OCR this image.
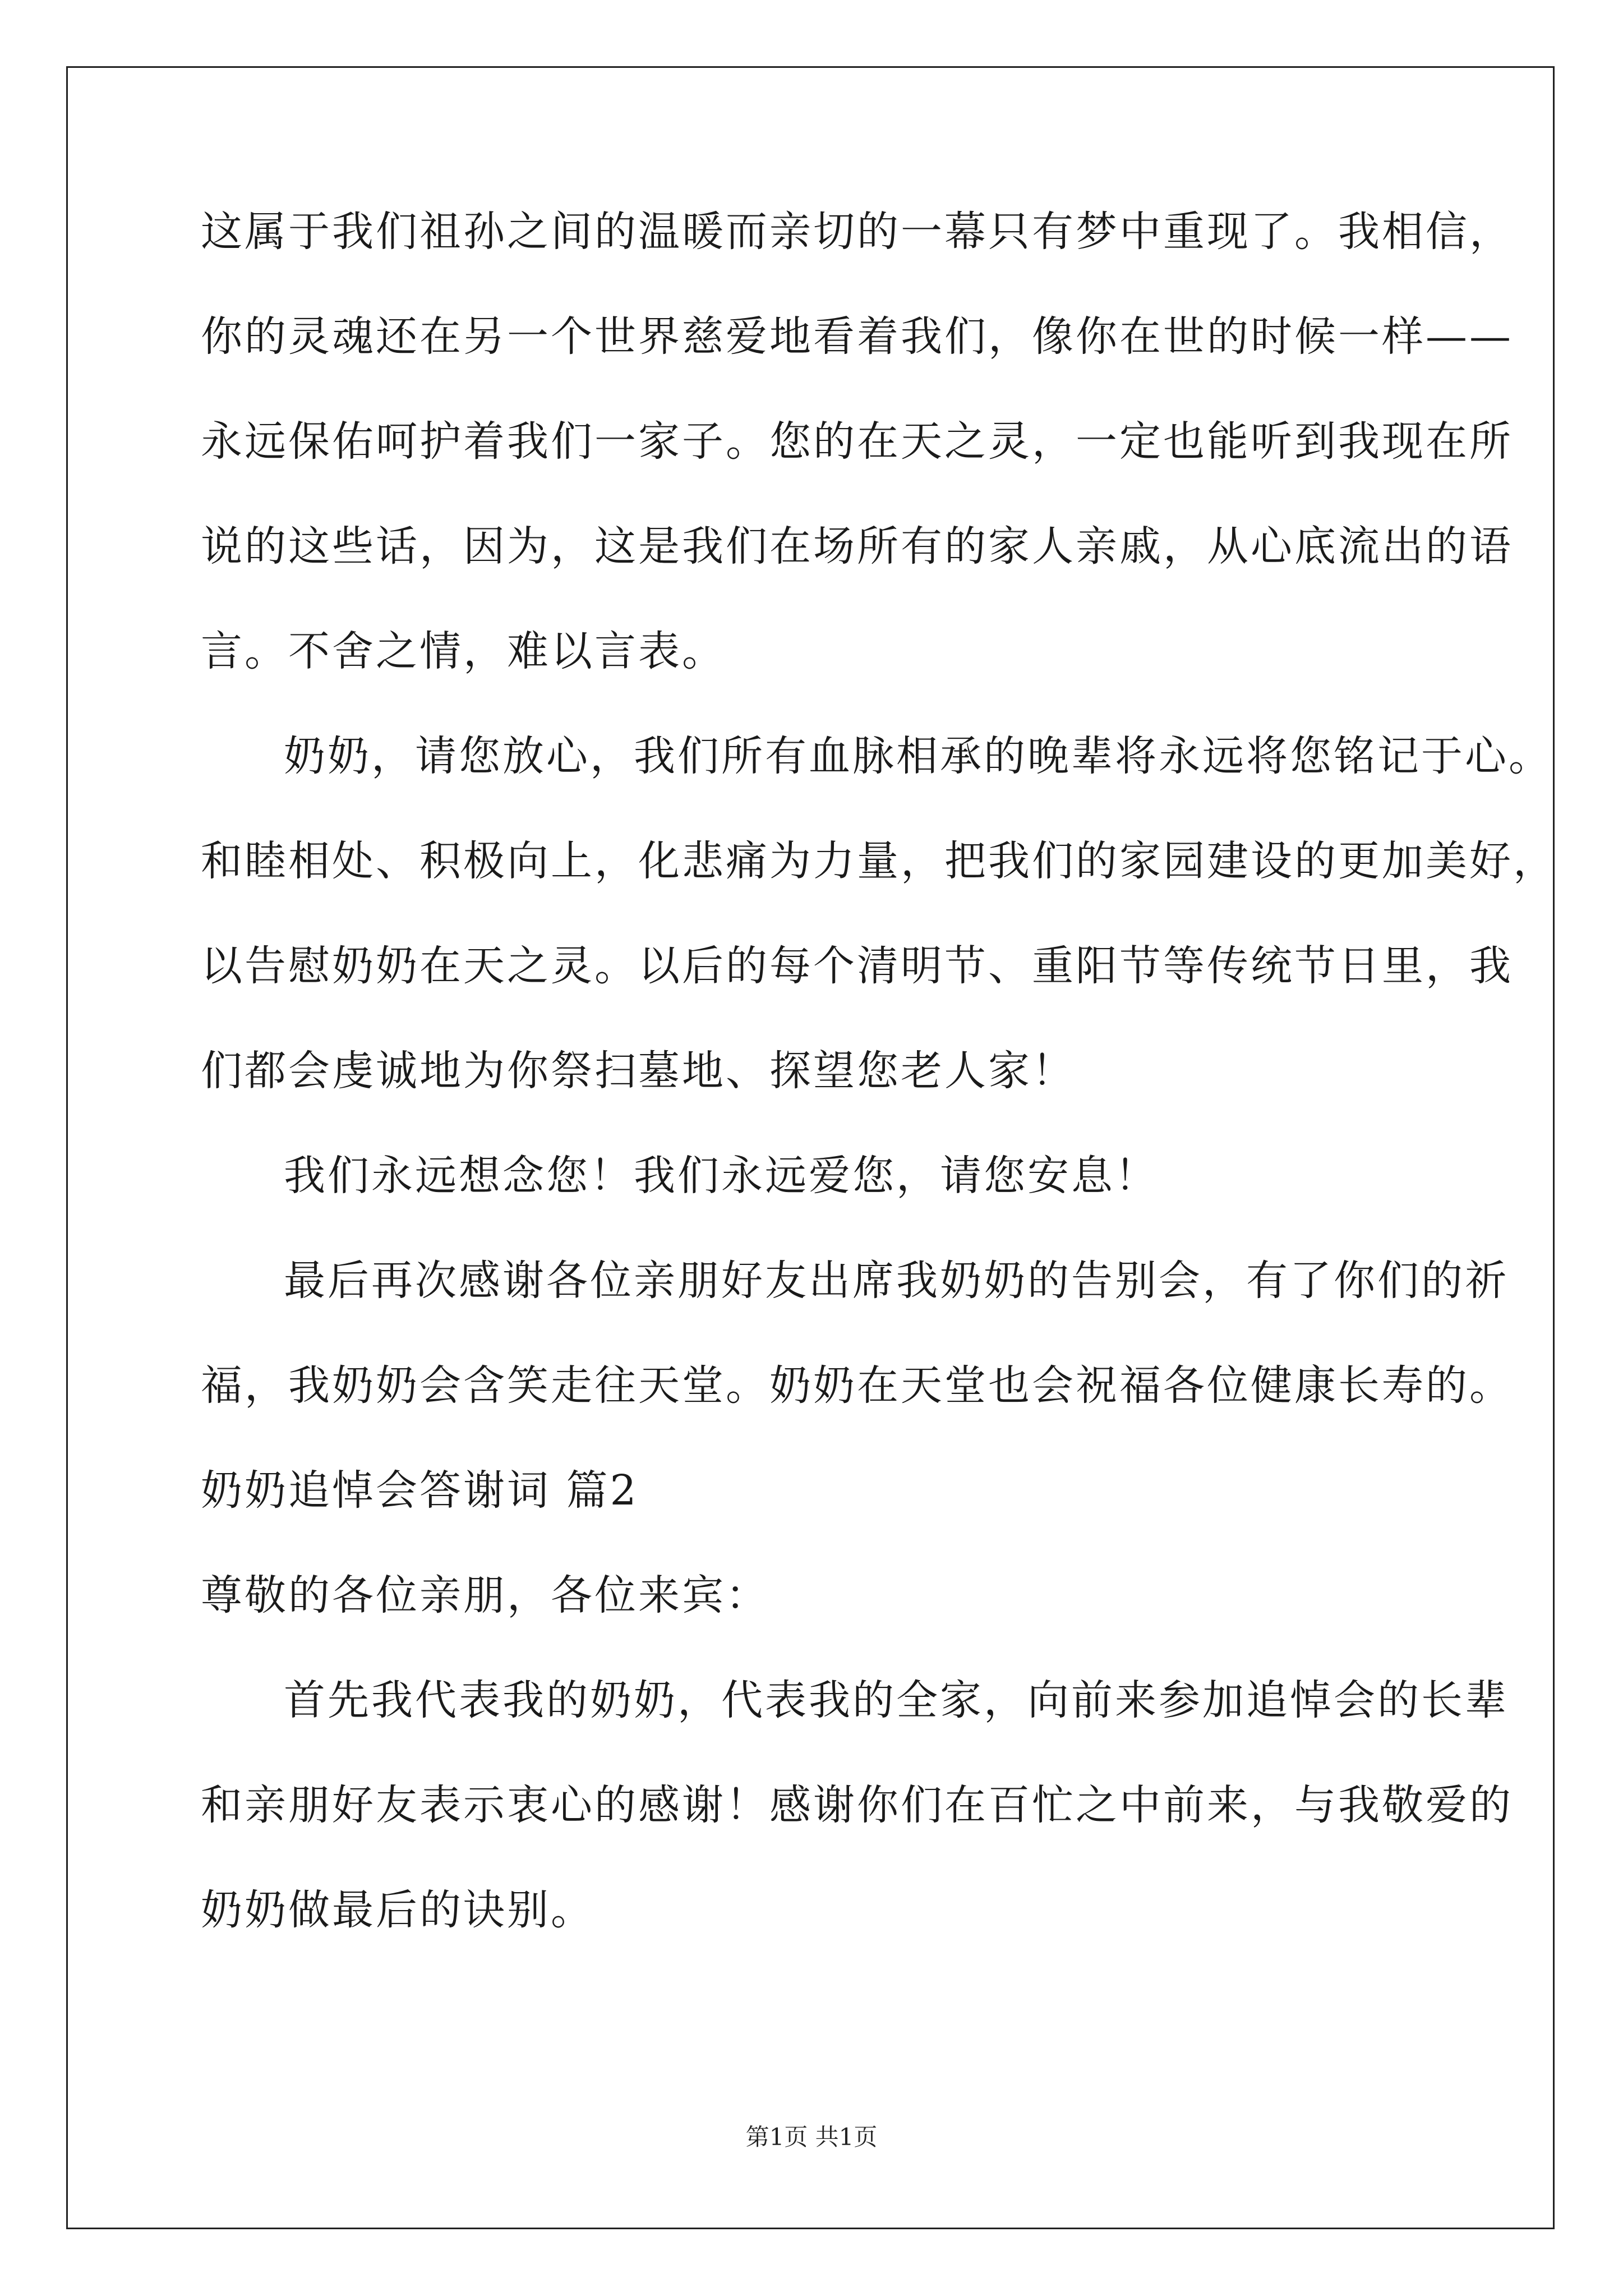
这属于我们祖孙之间的温暖而亲切的一幕只有梦中重现了。我相信，
你的灵魂还在另一个世界慈爱地看着我们，像你在世的时候一样——
永远保佑呵护着我们一家子。您的在天之灵，一定也能听到我现在所
说的这些话，因为，这是我们在场所有的家人亲戚，从心底流出的语
言。不舍之情，难以言表。
奶奶，请您放心，我们所有血脉相承的晚辈将永远将您铭记于心。
和睦相处、积极向上，化悲痛为力量，把我们的家园建设的更加美好，
以告慰奶奶在天之灵。以后的每个清明节、重阳节等传统节日里，我
们都会虔诚地为你祭扫墓地、探望您老人家！
我们永远想念您！我们永远爱您，请您安息！
最后再次感谢各位亲朋好友出席我奶奶的告别会，有了你们的祈
福，我奶奶会含笑走往天堂。奶奶在天堂也会祝福各位健康长寿的。
奶奶追悼会答谢词 篇2
尊敬的各位亲朋，各位来宾：
首先我代表我的奶奶，代表我的全家，向前来参加追悼会的长辈
和亲朋好友表示衷心的感谢！感谢你们在百忙之中前来，与我敬爱的
奶奶做最后的诀别。
第1页 共1页
